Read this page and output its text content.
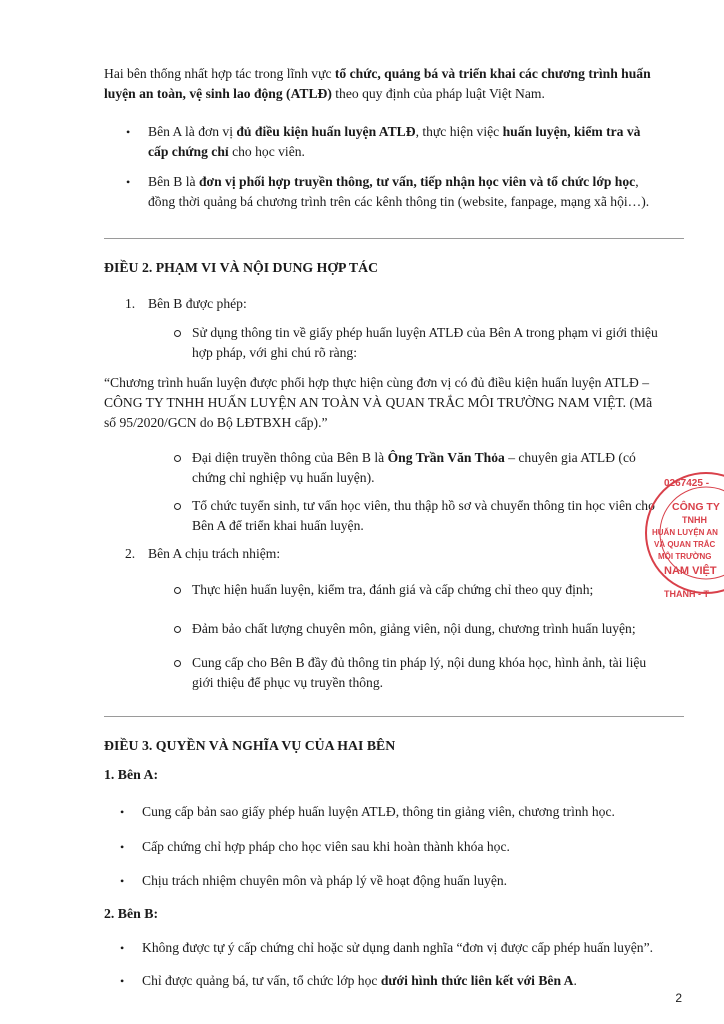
Hai bên thống nhất hợp tác trong lĩnh vực tổ chức, quảng bá và triển khai các chương trình huấn
luyện an toàn, vệ sinh lao động (ATLĐ) theo quy định của pháp luật Việt Nam.
• Bên A là đơn vị đủ điều kiện huấn luyện ATLĐ, thực hiện việc huấn luyện, kiểm tra và
cấp chứng chỉ cho học viên.
• Bên B là đơn vị phối hợp truyền thông, tư vấn, tiếp nhận học viên và tổ chức lớp học,
đồng thời quảng bá chương trình trên các kênh thông tin (website, fanpage, mạng xã hội…).
ĐIỀU 2. PHẠM VI VÀ NỘI DUNG HỢP TÁC
1. Bên B được phép:
Sử dụng thông tin về giấy phép huấn luyện ATLĐ của Bên A trong phạm vi giới thiệu
hợp pháp, với ghi chú rõ ràng:
“Chương trình huấn luyện được phối hợp thực hiện cùng đơn vị có đủ điều kiện huấn luyện ATLĐ –
CÔNG TY TNHH HUẤN LUYỆN AN TOÀN VÀ QUAN TRẮC MÔI TRƯỜNG NAM VIỆT. (Mã
số 95/2020/GCN do Bộ LĐTBXH cấp).”
Đại diện truyền thông của Bên B là Ông Trần Văn Thỏa – chuyên gia ATLĐ (có
chứng chỉ nghiệp vụ huấn luyện).
Tổ chức tuyển sinh, tư vấn học viên, thu thập hồ sơ và chuyển thông tin học viên cho
Bên A để triển khai huấn luyện.
2. Bên A chịu trách nhiệm:
Thực hiện huấn luyện, kiểm tra, đánh giá và cấp chứng chỉ theo quy định;
Đảm bảo chất lượng chuyên môn, giảng viên, nội dung, chương trình huấn luyện;
Cung cấp cho Bên B đầy đủ thông tin pháp lý, nội dung khóa học, hình ảnh, tài liệu
giới thiệu để phục vụ truyền thông.
ĐIỀU 3. QUYỀN VÀ NGHĨA VỤ CỦA HAI BÊN
1. Bên A:
• Cung cấp bản sao giấy phép huấn luyện ATLĐ, thông tin giảng viên, chương trình học.
• Cấp chứng chỉ hợp pháp cho học viên sau khi hoàn thành khóa học.
• Chịu trách nhiệm chuyên môn và pháp lý về hoạt động huấn luyện.
2. Bên B:
• Không được tự ý cấp chứng chỉ hoặc sử dụng danh nghĩa “đơn vị được cấp phép huấn luyện”.
• Chỉ được quảng bá, tư vấn, tổ chức lớp học dưới hình thức liên kết với Bên A.
0267425 -
CÔNG TY
TNHH
HUẤN LUYỆN AN
VÀ QUAN TRẮC
MÔI TRƯỜNG
NAM VIỆT
THANH - T
2
